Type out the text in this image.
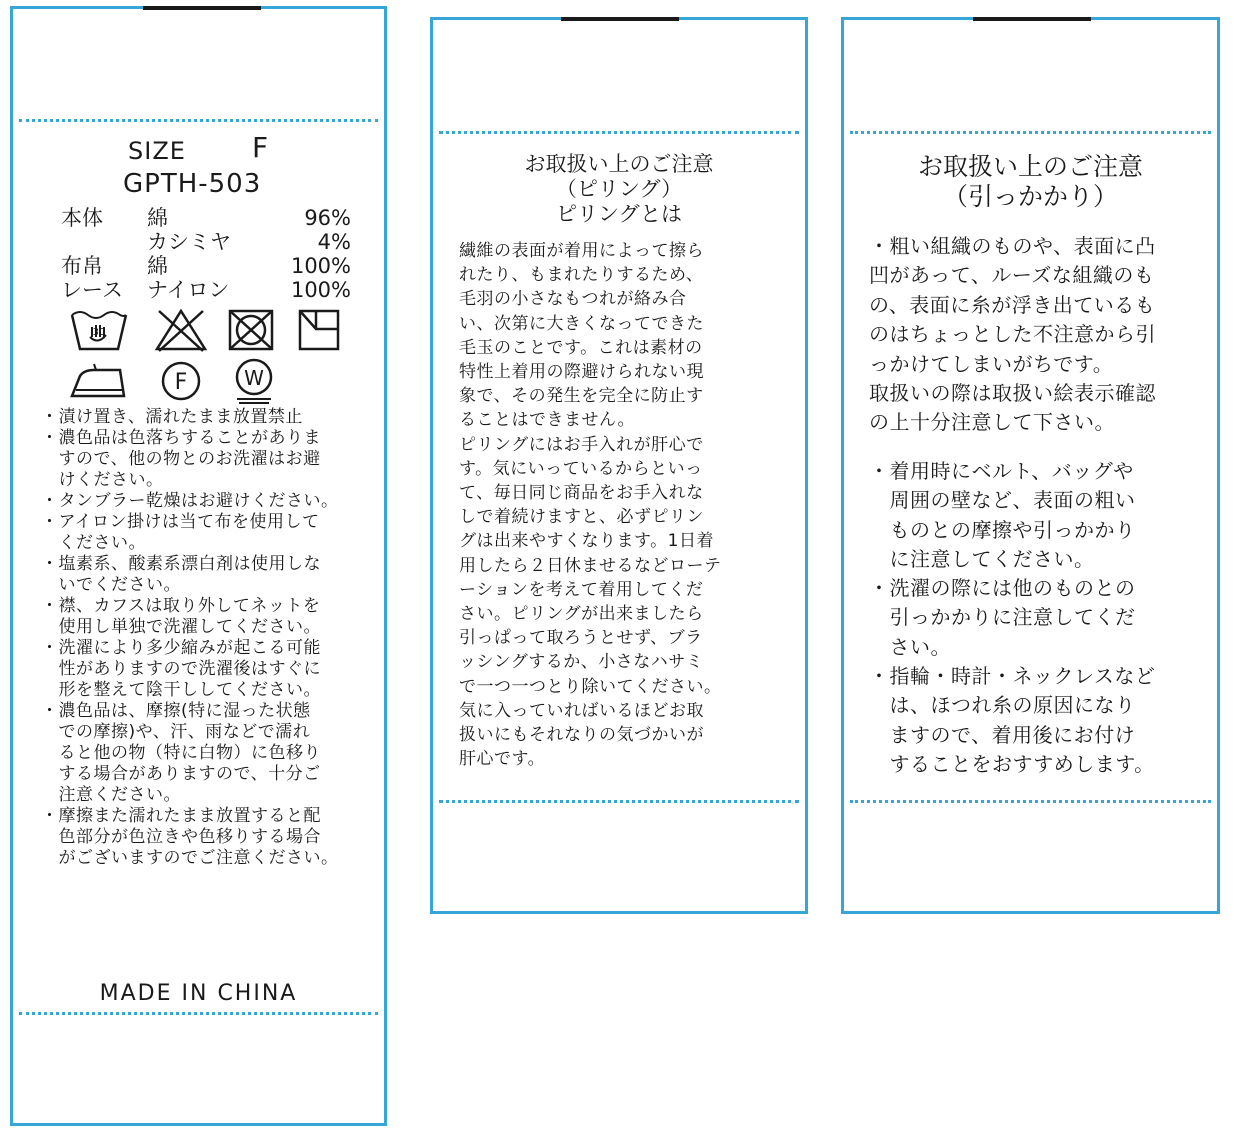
SIZE F
GPTH-503
本体 綿	96%
カシミヤ	4%
布帛 綿	100%
レース ナイロン	100%
30
F	W
・漬け置き、濡れたまま放置禁止
・濃色品は色落ちすることがありま
　すので、他の物とのお洗濯はお避
　けください。
・タンブラー乾燥はお避けください。
・アイロン掛けは当て布を使用して
　ください。
・塩素系、酸素系漂白剤は使用しな
　いでください。
・襟、カフスは取り外してネットを
　使用し単独で洗濯してください。
・洗濯により多少縮みが起こる可能
　性がありますので洗濯後はすぐに
　形を整えて陰干ししてください。
・濃色品は、摩擦(特に湿った状態
　での摩擦)や、汗、雨などで濡れ
　ると他の物（特に白物）に色移り
　する場合がありますので、十分ご
　注意ください。
・摩擦また濡れたまま放置すると配
　色部分が色泣きや色移りする場合
　がございますのでご注意ください。
MADE IN CHINA
お取扱い上のご注意
（ピリング）
ピリングとは
繊維の表面が着用によって擦ら
れたり、もまれたりするため、
毛羽の小さなもつれが絡み合
い、次第に大きくなってできた
毛玉のことです。これは素材の
特性上着用の際避けられない現
象で、その発生を完全に防止す
ることはできません。
ピリングにはお手入れが肝心で
す。気にいっているからといっ
て、毎日同じ商品をお手入れな
しで着続けますと、必ずピリン
グは出来やすくなります。1日着
用したら２日休ませるなどローテ
ーションを考えて着用してくだ
さい。ピリングが出来ましたら
引っぱって取ろうとせず、ブラ
ッシングするか、小さなハサミ
で一つ一つとり除いてください。
気に入っていればいるほどお取
扱いにもそれなりの気づかいが
肝心です。
お取扱い上のご注意
（引っかかり）
・粗い組織のものや、表面に凸
凹があって、ルーズな組織のも
の、表面に糸が浮き出ているも
のはちょっとした不注意から引
っかけてしまいがちです。
取扱いの際は取扱い絵表示確認
の上十分注意して下さい。
・着用時にベルト、バッグや
　周囲の壁など、表面の粗い
　ものとの摩擦や引っかかり
　に注意してください。
・洗濯の際には他のものとの
　引っかかりに注意してくだ
　さい。
・指輪・時計・ネックレスなど
　は、ほつれ糸の原因になり
　ますので、着用後にお付け
　することをおすすめします。
